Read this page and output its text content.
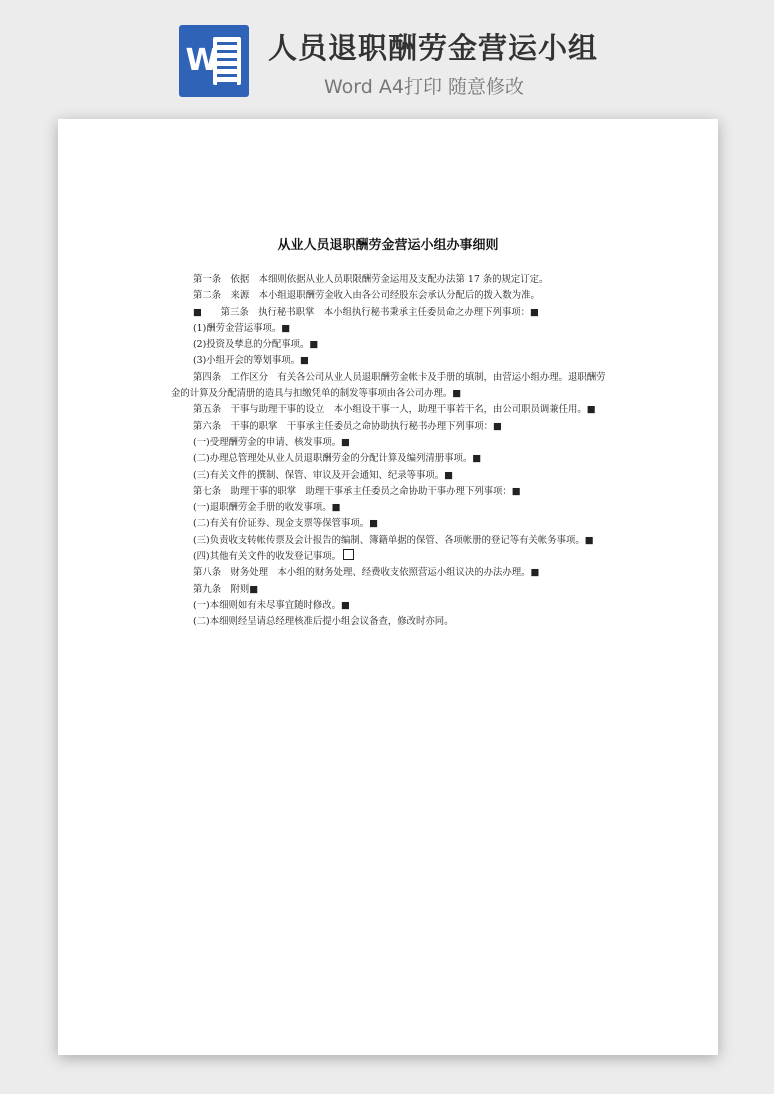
W 人员退职酬劳金营运小组
Word A4打印 随意修改
从业人员退职酬劳金营运小组办事细则

第一条　依据　本细则依据从业人员职限酬劳金运用及支配办法第 17 条的规定订定。

第二条　来源　本小组退职酬劳金收入由各公司经股东会承认分配后的拨入数为准。

■　　第三条　执行秘书职掌　本小组执行秘书秉承主任委员命之办理下列事项：■

(1)酬劳金营运事项。■

(2)投资及孳息的分配事项。■

(3)小组开会的筹划事项。■

第四条　工作区分　有关各公司从业人员退职酬劳金帐卡及手册的填制，由营运小组办理。退职酬劳金的计算及分配清册的造具与扣缴凭单的制发等事项由各公司办理。■

第五条　干事与助理干事的设立　本小组设干事一人，助理干事若干名，由公司职员调兼任用。■

第六条　干事的职掌　干事承主任委员之命协助执行秘书办理下列事项：■

(一)受理酬劳金的申请、核发事项。■

(二)办理总管理处从业人员退职酬劳金的分配计算及编列清册事项。■

(三)有关文件的撰制、保管、审议及开会通知、纪录等事项。■

第七条　助理干事的职掌　助理干事承主任委员之命协助干事办理下列事项：■

(一)退职酬劳金手册的收发事项。■

(二)有关有价证券、现金支票等保管事项。■

(三)负责收支转帐传票及会计报告的编制、簿籍单据的保管、各项帐册的登记等有关帐务事项。■

(四)其他有关文件的收发登记事项。

第八条　财务处理　本小组的财务处理、经费收支依照营运小组议决的办法办理。■

第九条　附则■

(一)本细则如有未尽事宜随时修改。■

(二)本细则经呈请总经理核准后提小组会议备查，修改时亦同。
